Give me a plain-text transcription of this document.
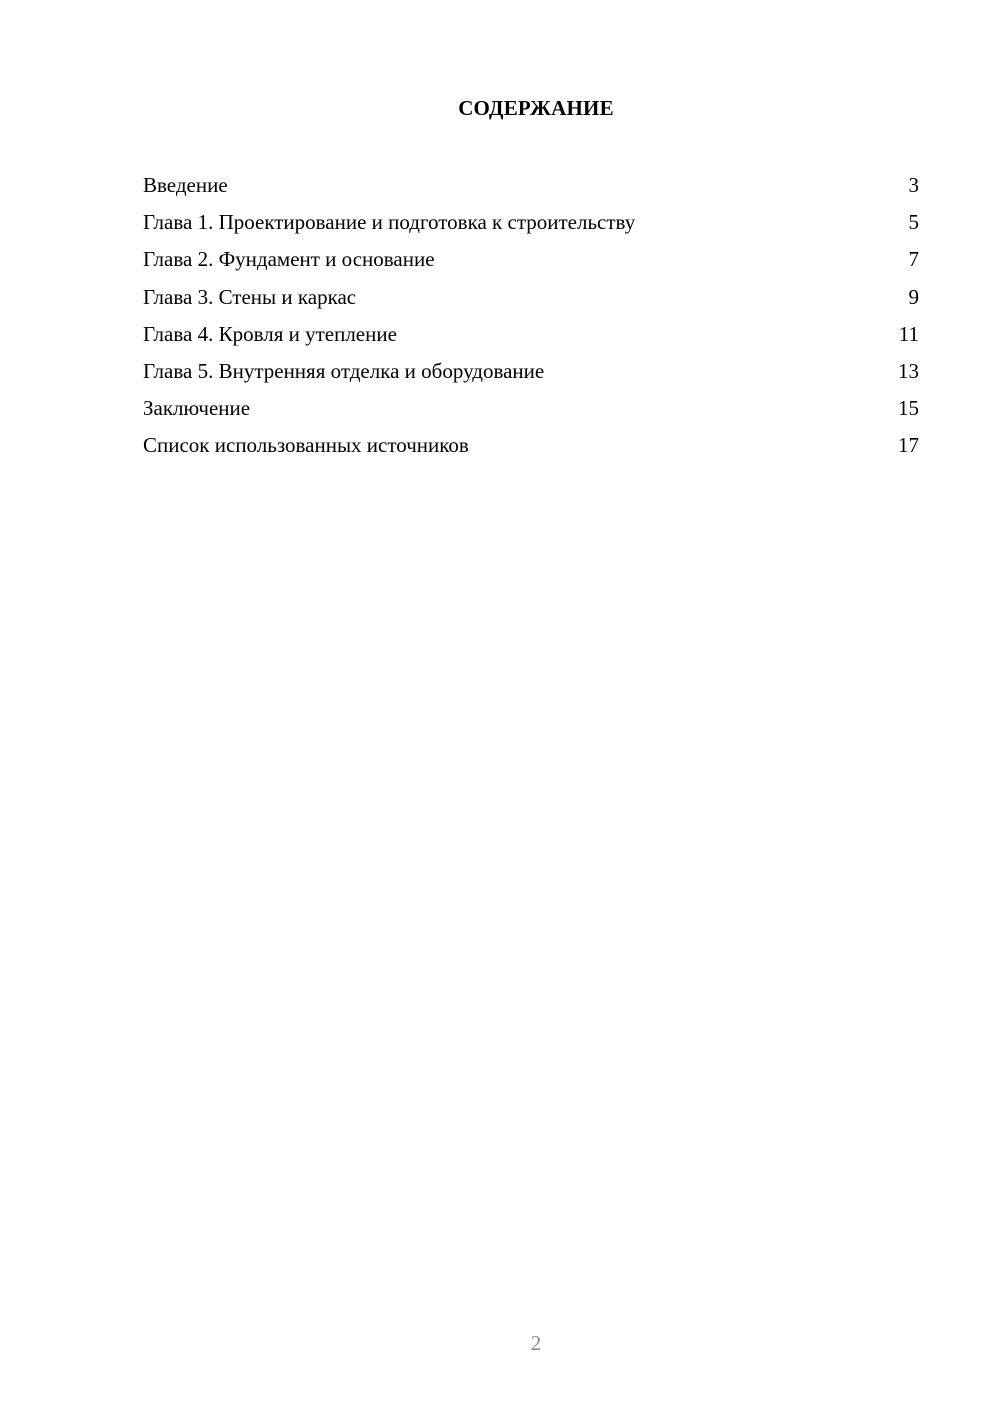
СОДЕРЖАНИЕ
Введение	3
Глава 1. Проектирование и подготовка к строительству	5
Глава 2. Фундамент и основание	7
Глава 3. Стены и каркас	9
Глава 4. Кровля и утепление	11
Глава 5. Внутренняя отделка и оборудование	13
Заключение	15
Список использованных источников	17
2
